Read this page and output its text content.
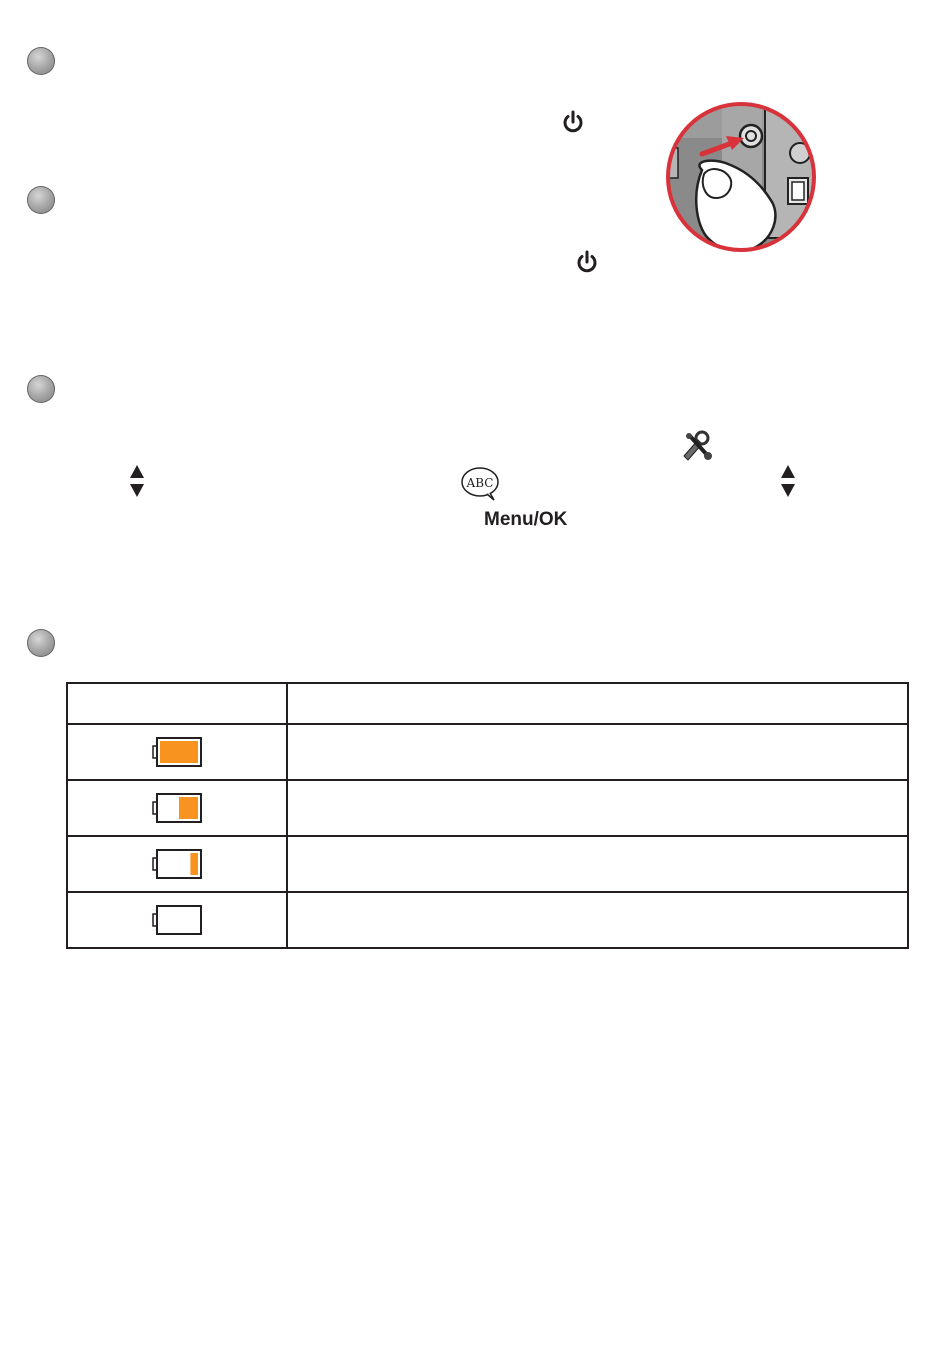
ABC
Menu/OK
